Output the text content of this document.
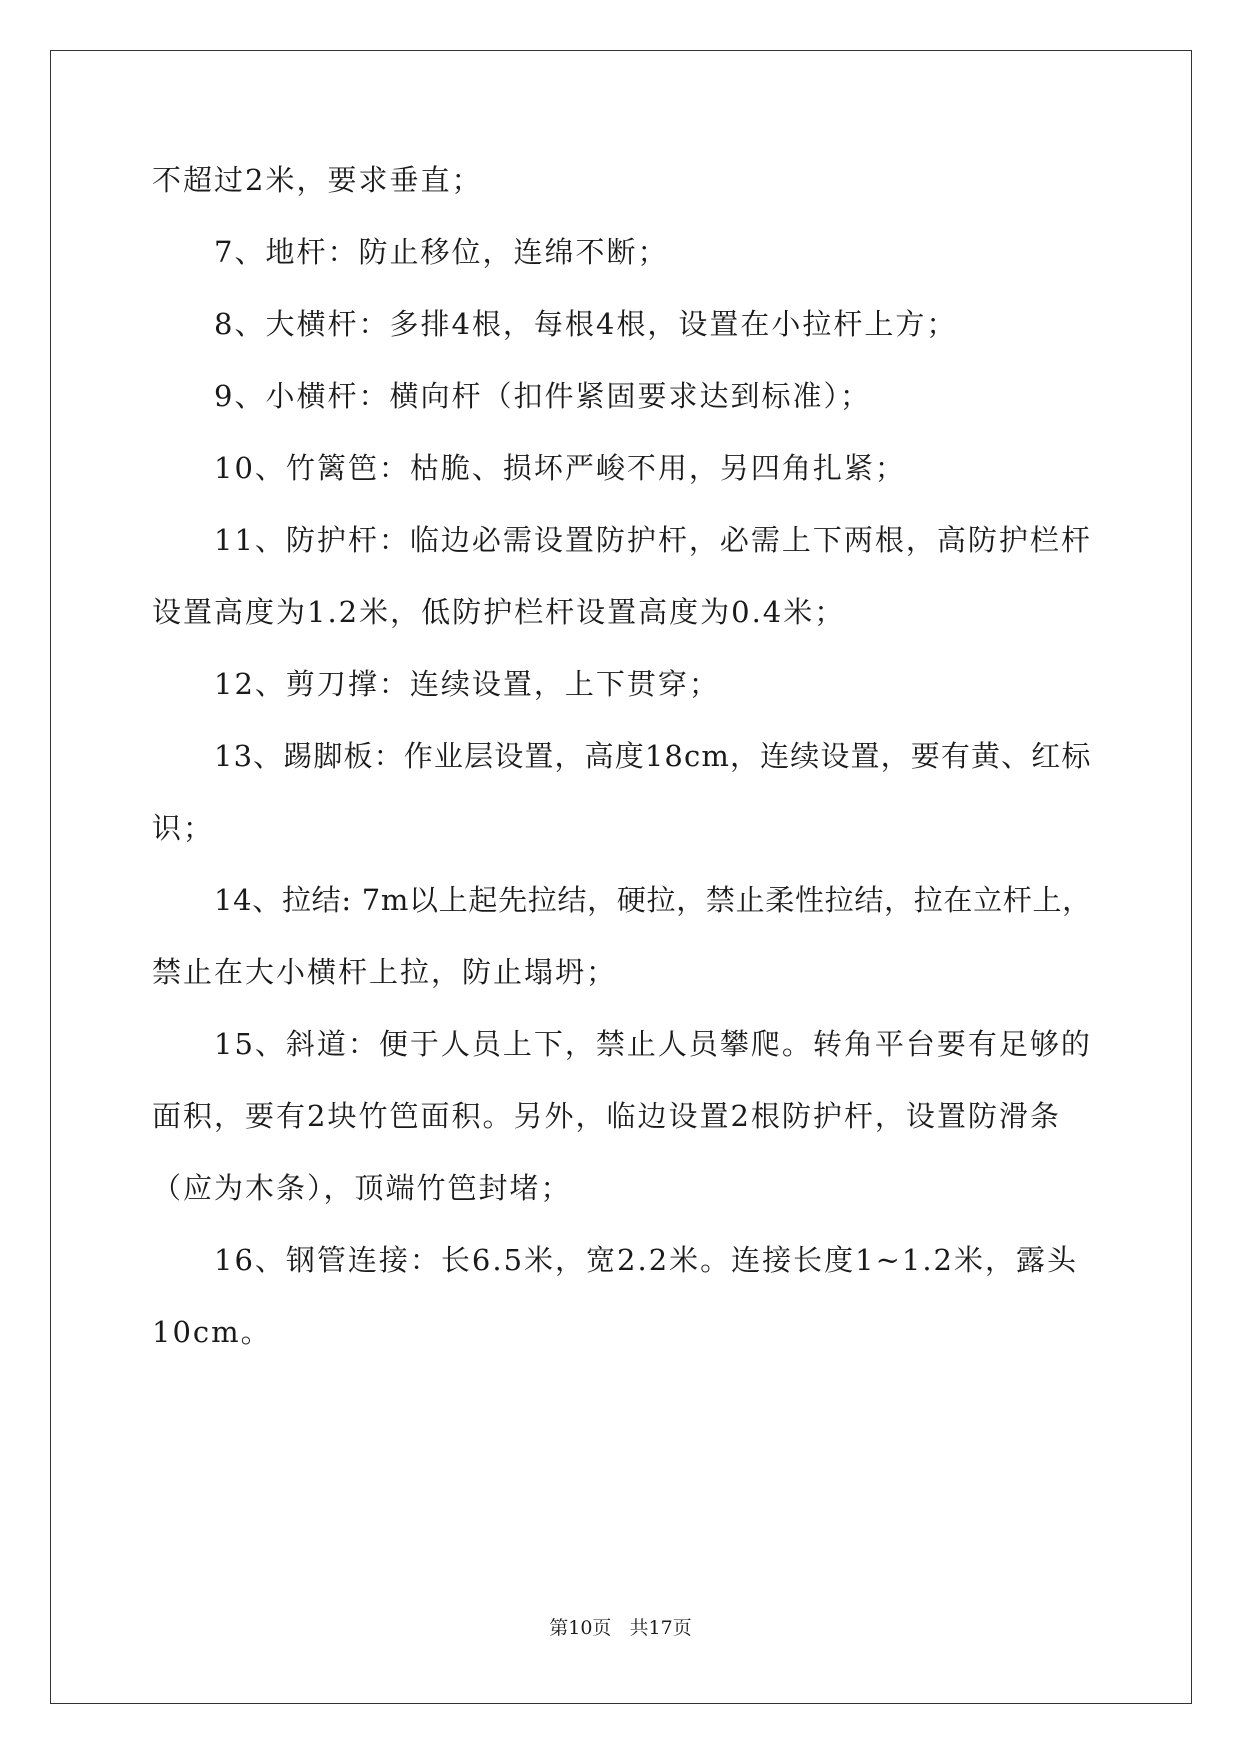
不超过2米，要求垂直；
7、地杆：防止移位，连绵不断；
8、大横杆：多排4根，每根4根，设置在小拉杆上方；
9、小横杆：横向杆（扣件紧固要求达到标准）；
10、竹篱笆：枯脆、损坏严峻不用，另四角扎紧；
11、防护杆：临边必需设置防护杆，必需上下两根，高防护栏杆
设置高度为1.2米，低防护栏杆设置高度为0.4米；
12、剪刀撑：连续设置，上下贯穿；
13、踢脚板：作业层设置，高度18cm，连续设置，要有黄、红标
识；
14、拉结: 7m以上起先拉结，硬拉，禁止柔性拉结，拉在立杆上，
禁止在大小横杆上拉，防止塌坍；
15、斜道：便于人员上下，禁止人员攀爬。转角平台要有足够的
面积，要有2块竹笆面积。另外，临边设置2根防护杆，设置防滑条
（应为木条），顶端竹笆封堵；
16、钢管连接：长6.5米，宽2.2米。连接长度1~1.2米，露头
10cm。
第10页   共17页
